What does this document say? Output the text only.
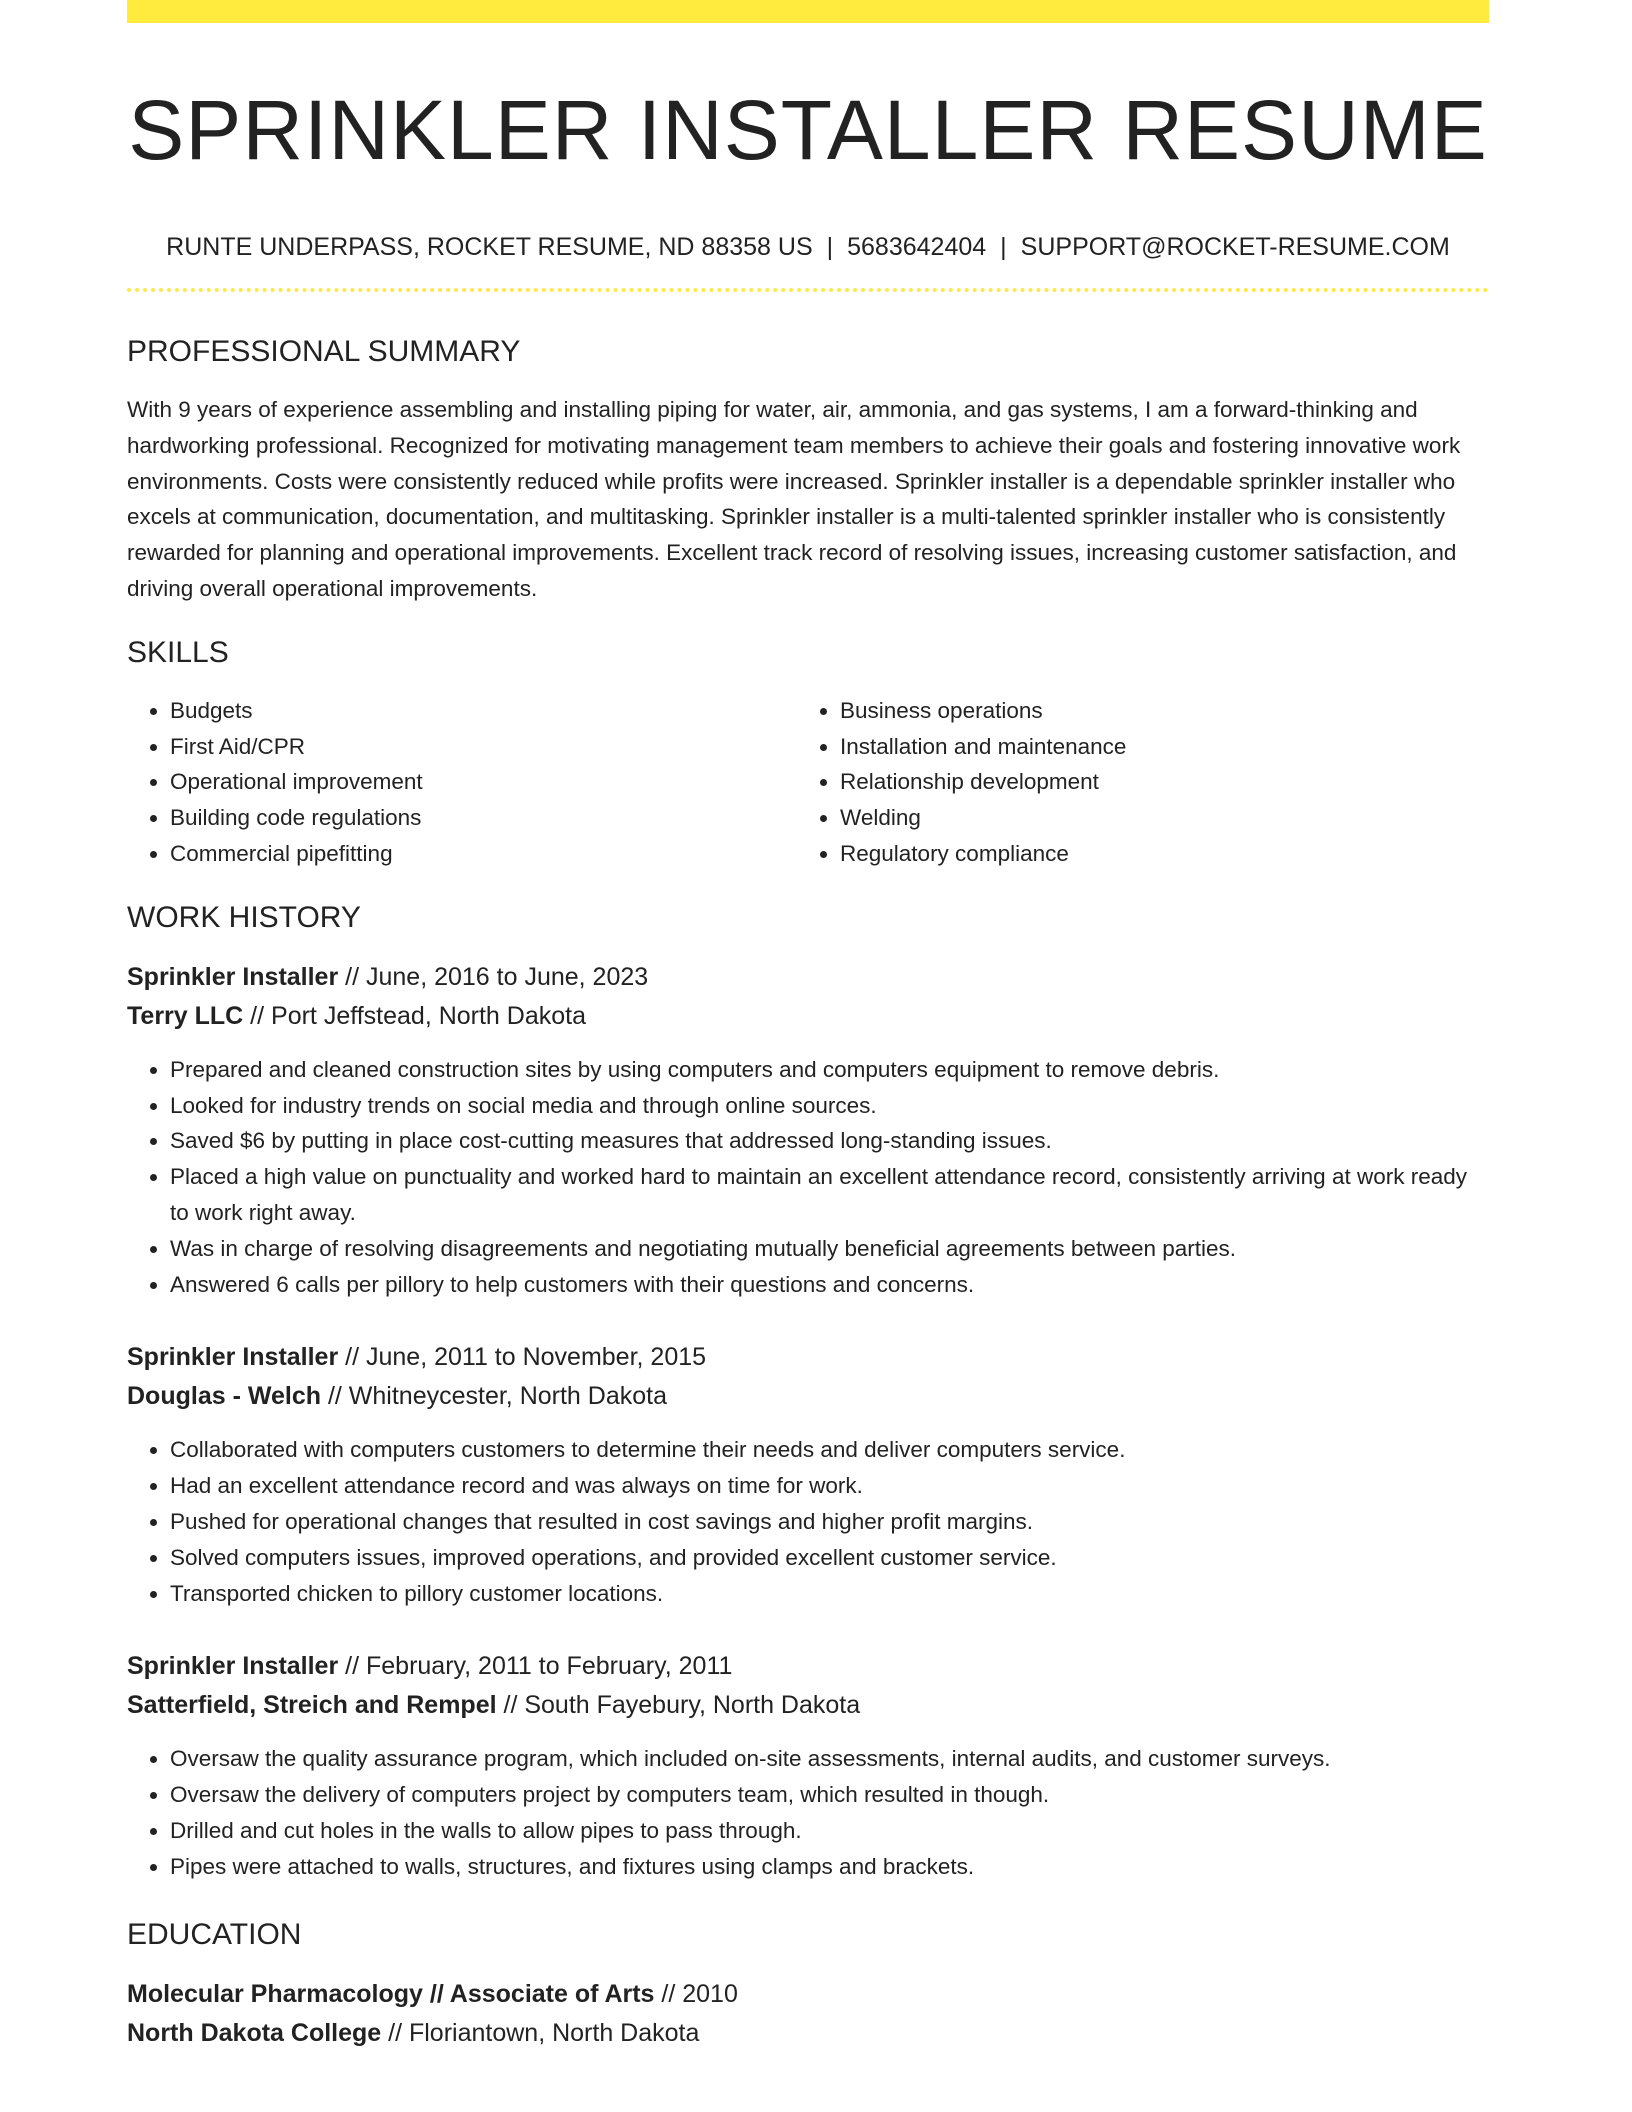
SPRINKLER INSTALLER RESUME
RUNTE UNDERPASS, ROCKET RESUME, ND 88358 US | 5683642404 | SUPPORT@ROCKET-RESUME.COM
PROFESSIONAL SUMMARY

With 9 years of experience assembling and installing piping for water, air, ammonia, and gas systems, I am a forward-thinking and hardworking professional. Recognized for motivating management team members to achieve their goals and fostering innovative work environments. Costs were consistently reduced while profits were increased. Sprinkler installer is a dependable sprinkler installer who excels at communication, documentation, and multitasking. Sprinkler installer is a multi-talented sprinkler installer who is consistently rewarded for planning and operational improvements. Excellent track record of resolving issues, increasing customer satisfaction, and driving overall operational improvements.

SKILLS
• Budgets
• First Aid/CPR
• Operational improvement
• Building code regulations
• Commercial pipefitting
• Business operations
• Installation and maintenance
• Relationship development
• Welding
• Regulatory compliance
WORK HISTORY
Sprinkler Installer // June, 2016 to June, 2023
Terry LLC // Port Jeffstead, North Dakota
• Prepared and cleaned construction sites by using computers and computers equipment to remove debris.
• Looked for industry trends on social media and through online sources.
• Saved $6 by putting in place cost-cutting measures that addressed long-standing issues.
• Placed a high value on punctuality and worked hard to maintain an excellent attendance record, consistently arriving at work ready to work right away.
• Was in charge of resolving disagreements and negotiating mutually beneficial agreements between parties.
• Answered 6 calls per pillory to help customers with their questions and concerns.
Sprinkler Installer // June, 2011 to November, 2015
Douglas - Welch // Whitneycester, North Dakota
• Collaborated with computers customers to determine their needs and deliver computers service.
• Had an excellent attendance record and was always on time for work.
• Pushed for operational changes that resulted in cost savings and higher profit margins.
• Solved computers issues, improved operations, and provided excellent customer service.
• Transported chicken to pillory customer locations.
Sprinkler Installer // February, 2011 to February, 2011
Satterfield, Streich and Rempel // South Fayebury, North Dakota
• Oversaw the quality assurance program, which included on-site assessments, internal audits, and customer surveys.
• Oversaw the delivery of computers project by computers team, which resulted in though.
• Drilled and cut holes in the walls to allow pipes to pass through.
• Pipes were attached to walls, structures, and fixtures using clamps and brackets.
EDUCATION
Molecular Pharmacology // Associate of Arts // 2010
North Dakota College // Floriantown, North Dakota
